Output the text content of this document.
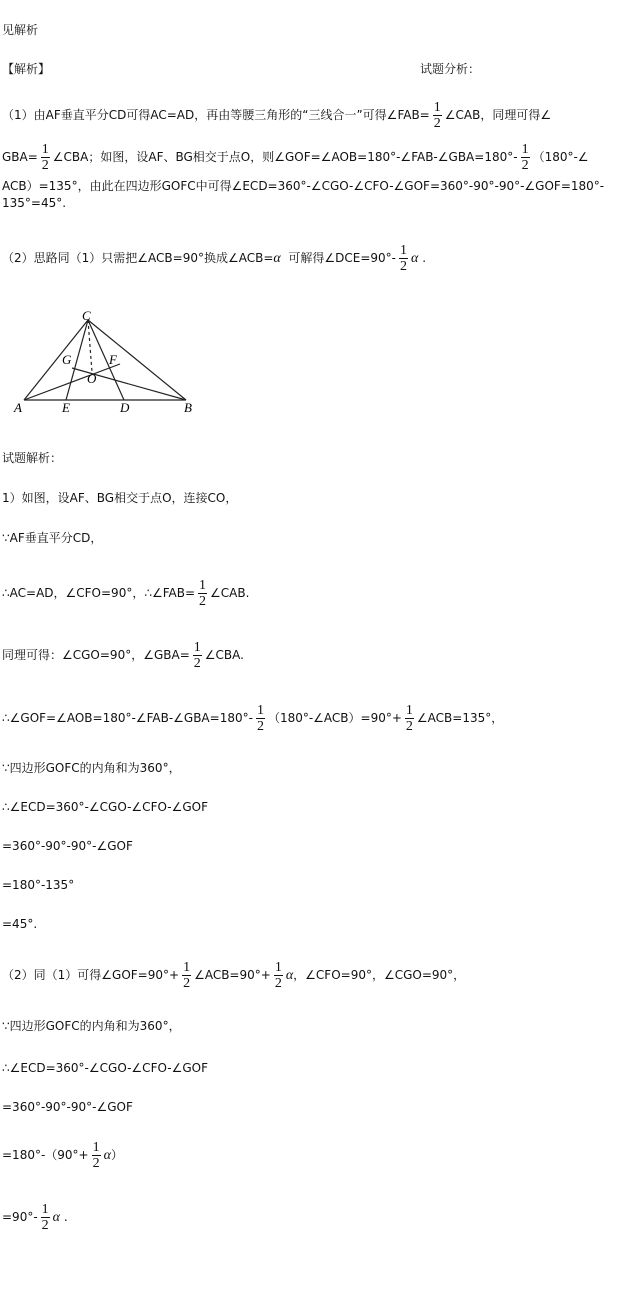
见解析
【解析】	试题分析：
（1）由AF垂直平分CD可得AC=AD，再由等腰三角形的“三线合一”可得∠FAB= $\frac{1}{2}$ ∠CAB，同理可得∠
$GBA= \frac{1}{2}$ ∠CBA；如图，设AF、BG相交于点O，则∠GOF=∠AOB=180°-∠FAB-∠GBA=180°- $\frac{1}{2}$ （180°-∠
ACB）=135°，由此在四边形GOFC中可得∠ECD=360°-∠CGO-∠CFO-∠GOF=360°-90°-90°-∠GOF=180°-
135°=45°.
（2）思路同（1）只需把∠ACB=90°换成∠ACB=α 可解得∠DCE=90°- $\frac{1}{2}$ α .
C
G	F
O
A	E	D	B
试题解析：
1）如图，设AF、BG相交于点O，连接CO，
∵AF垂直平分CD，
∴AC=AD，∠CFO=90°，∴∠FAB= $\frac{1}{2}$ ∠CAB.
同理可得：∠CGO=90°，∠GBA= $\frac{1}{2}$ ∠CBA.
∴∠GOF=∠AOB=180°-∠FAB-∠GBA=180°- $\frac{1}{2}$ （180°-∠ACB）=90°+ $\frac{1}{2}$ ∠ACB=135°，
∵四边形GOFC的内角和为360°，
∴∠ECD=360°-∠CGO-∠CFO-∠GOF
=360°-90°-90°-∠GOF
=180°-135°
=45°.
（2）同（1）可得∠GOF=90°+ $\frac{1}{2}$ ∠ACB=90°+ $\frac{1}{2}$ α，∠CFO=90°，∠CGO=90°，
∵四边形GOFC的内角和为360°，
∴∠ECD=360°-∠CGO-∠CFO-∠GOF
=360°-90°-90°-∠GOF
$=180^\circ-(90^\circ+ \frac{1}{2} \alpha)$
$=90^\circ- \frac{1}{2}$ α .
